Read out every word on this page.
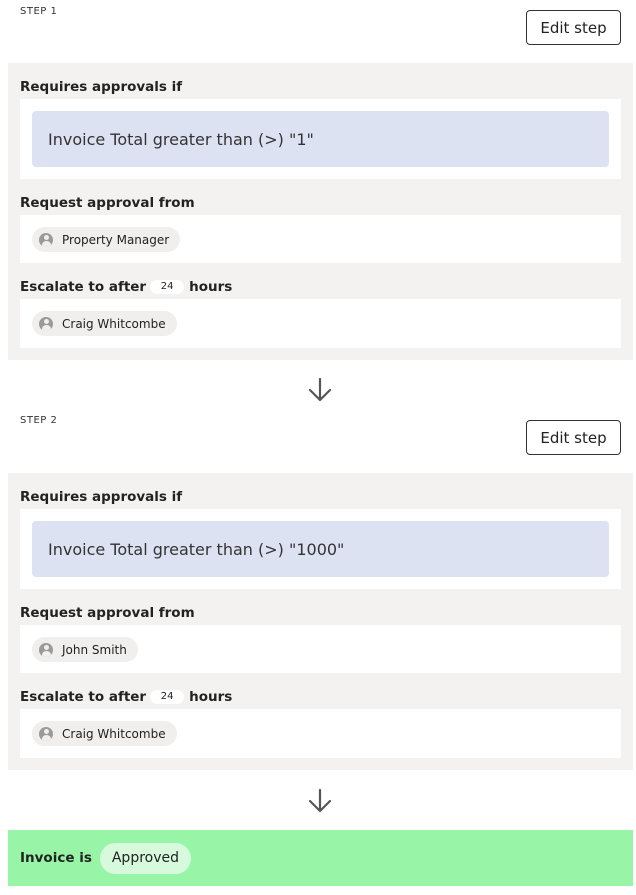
STEP 1
Edit step
Requires approvals if
Invoice Total greater than (>) "1"
Request approval from
Property Manager
Escalate to after	24	hours
Craig Whitcombe
STEP 2
Edit step
Requires approvals if
Invoice Total greater than (>) "1000"
Request approval from
John Smith
Escalate to after	24	hours
Craig Whitcombe
Invoice is	Approved
